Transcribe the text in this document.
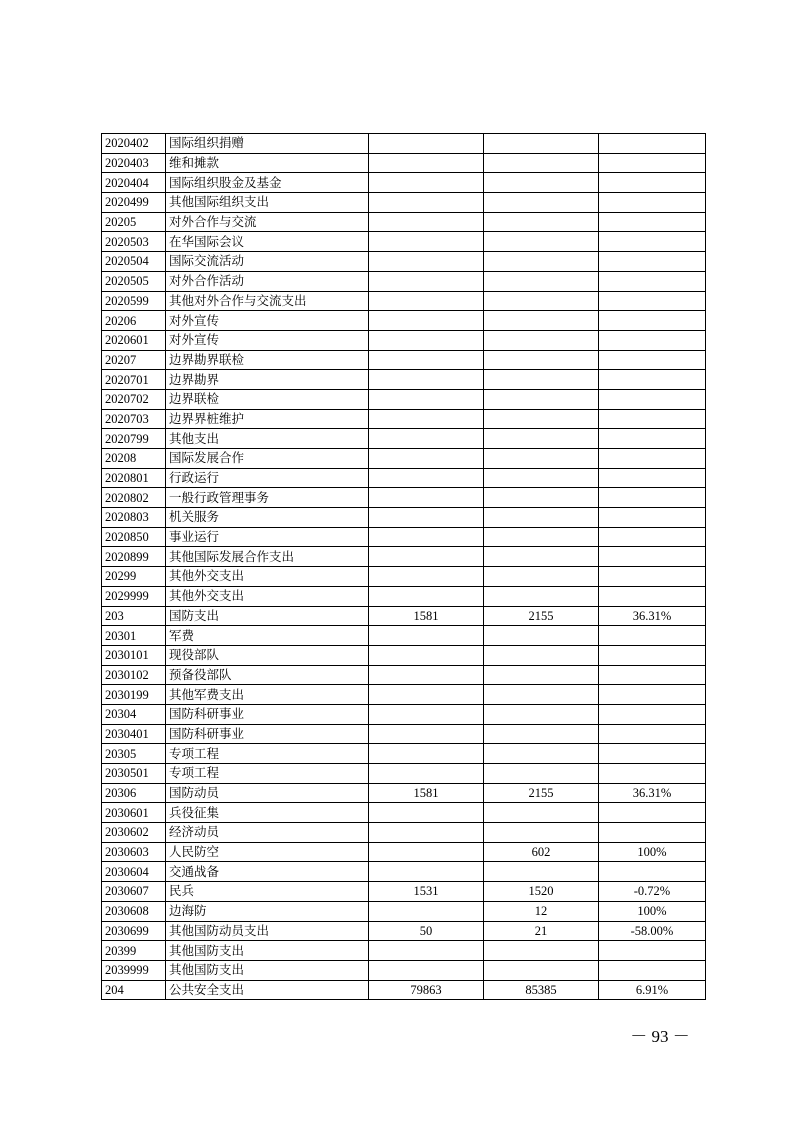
2020402	国际组织捐赠			
2020403	维和摊款			
2020404	国际组织股金及基金			
2020499	其他国际组织支出			
20205	对外合作与交流			
2020503	在华国际会议			
2020504	国际交流活动			
2020505	对外合作活动			
2020599	其他对外合作与交流支出			
20206	对外宣传			
2020601	对外宣传			
20207	边界勘界联检			
2020701	边界勘界			
2020702	边界联检			
2020703	边界界桩维护			
2020799	其他支出			
20208	国际发展合作			
2020801	行政运行			
2020802	一般行政管理事务			
2020803	机关服务			
2020850	事业运行			
2020899	其他国际发展合作支出			
20299	其他外交支出			
2029999	其他外交支出			
203	国防支出	1581	2155	36.31%
20301	军费			
2030101	现役部队			
2030102	预备役部队			
2030199	其他军费支出			
20304	国防科研事业			
2030401	国防科研事业			
20305	专项工程			
2030501	专项工程			
20306	国防动员	1581	2155	36.31%
2030601	兵役征集			
2030602	经济动员			
2030603	人民防空		602	100%
2030604	交通战备			
2030607	民兵	1531	1520	-0.72%
2030608	边海防		12	100%
2030699	其他国防动员支出	50	21	-58.00%
20399	其他国防支出			
2039999	其他国防支出			
204	公共安全支出	79863	85385	6.91%
－ 93 －
